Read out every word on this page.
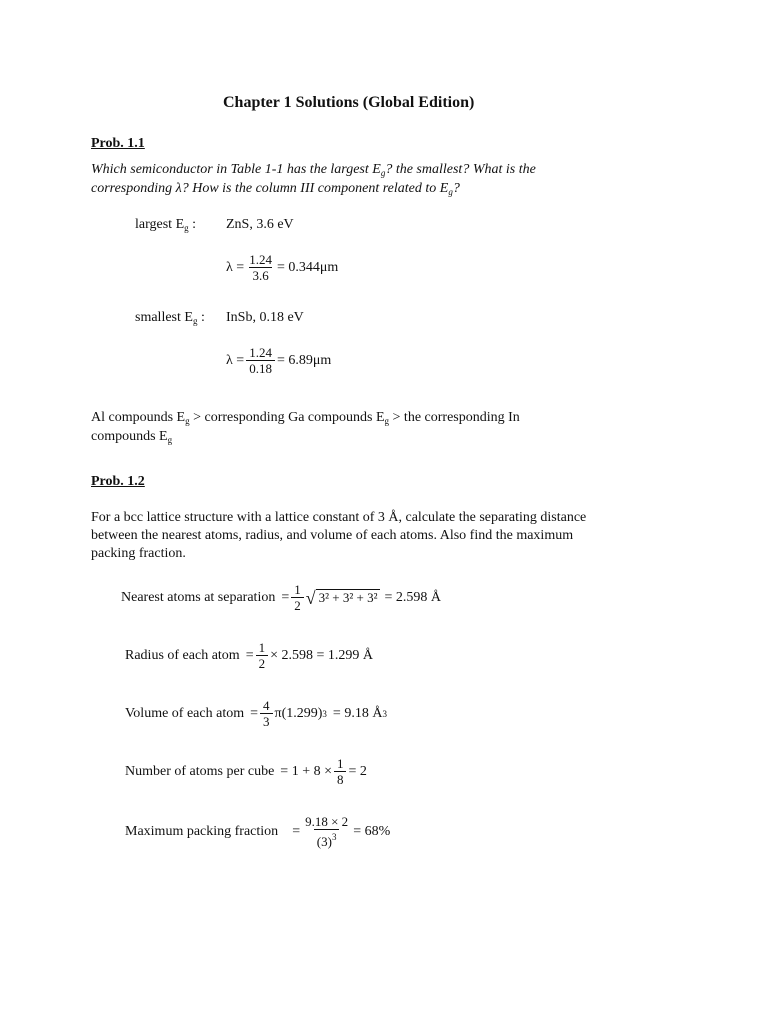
Chapter 1 Solutions (Global Edition)
Prob. 1.1
Which semiconductor in Table 1-1 has the largest $E_g$? the smallest? What is the
corresponding λ? How is the column III component related to $E_g$?
largest $E_g$ : ZnS, 3.6 eV
$\lambda = \frac{1.24}{3.6} = 0.344\mu m$
smallest $E_g$ : InSb, 0.18 eV
$\lambda = \frac{1.24}{0.18} = 6.89\mu m$
Al compounds $E_g$ > corresponding Ga compounds $E_g$ > the corresponding In
compounds $E_g$
Prob. 1.2
For a bcc lattice structure with a lattice constant of 3 Å, calculate the separating distance
between the nearest atoms, radius, and volume of each atoms. Also find the maximum
packing fraction.
Nearest atoms at separation = $\frac{1}{2}$ √ 3² + 3² + 3² = 2.598 Å
Radius of each atom = $\frac{1}{2} \times 2.598 = 1.299$ Å
Volume of each atom = $\frac{4}{3} \pi(1.299) 3 = 9.18$ Å 3
Number of atoms per cube = $1 + 8 \times \frac{1}{8} = 2$
Maximum packing fraction = $\frac{9.18 \times 2}{(3)^3} = 68\%$
